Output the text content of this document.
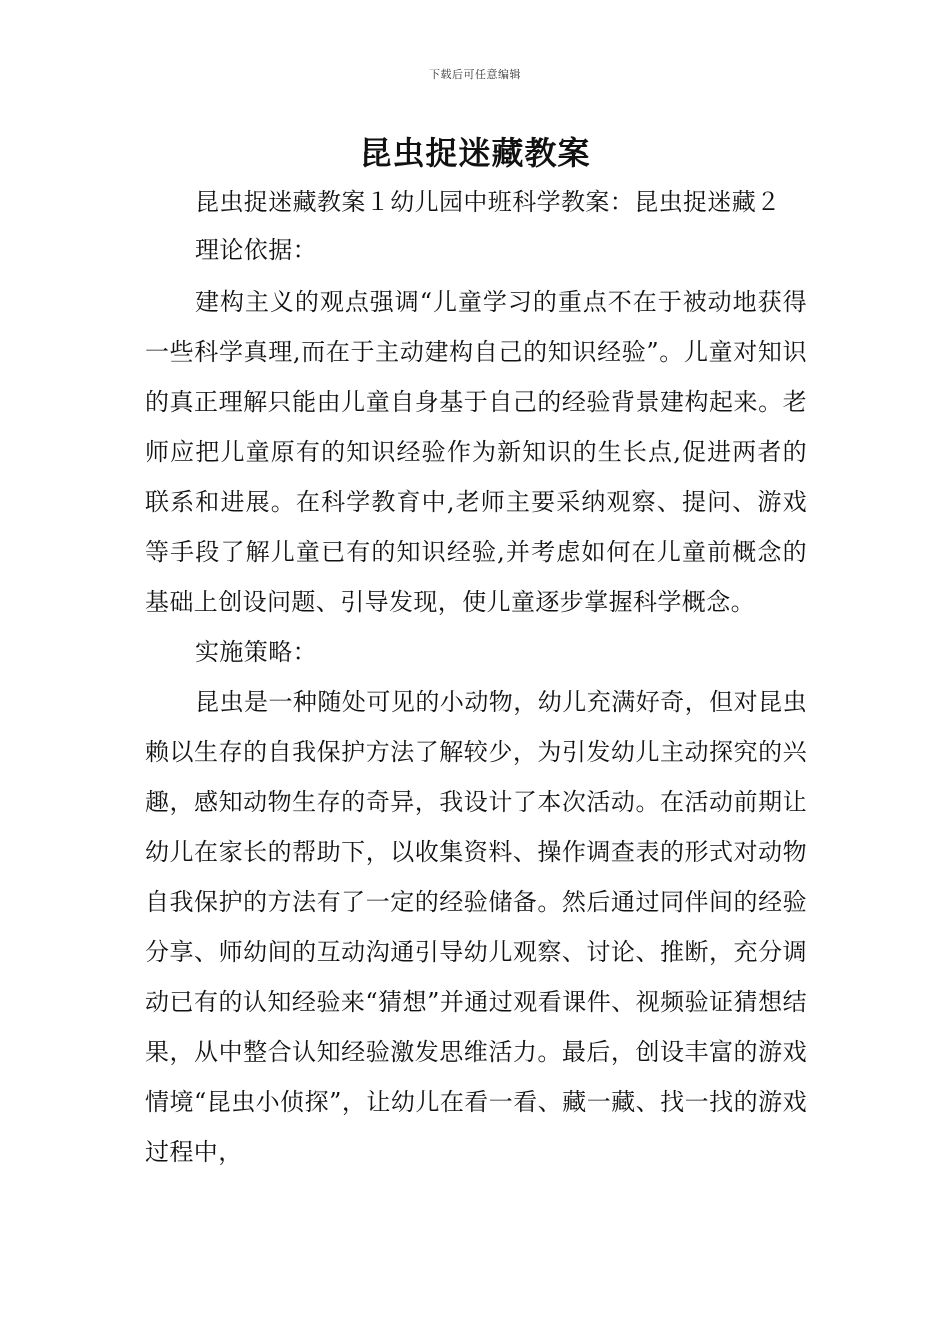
下载后可任意编辑
昆虫捉迷藏教案

昆虫捉迷藏教案１幼儿园中班科学教案：昆虫捉迷藏２

理论依据：

建构主义的观点强调“儿童学习的重点不在于被动地获得一些科学真理,而在于主动建构自己的知识经验”。儿童对知识的真正理解只能由儿童自身基于自己的经验背景建构起来。老师应把儿童原有的知识经验作为新知识的生长点,促进两者的联系和进展。在科学教育中,老师主要采纳观察、提问、游戏等手段了解儿童已有的知识经验,并考虑如何在儿童前概念的基础上创设问题、引导发现，使儿童逐步掌握科学概念。

实施策略：

昆虫是一种随处可见的小动物，幼儿充满好奇，但对昆虫赖以生存的自我保护方法了解较少，为引发幼儿主动探究的兴趣，感知动物生存的奇异，我设计了本次活动。在活动前期让幼儿在家长的帮助下，以收集资料、操作调查表的形式对动物自我保护的方法有了一定的经验储备。然后通过同伴间的经验分享、师幼间的互动沟通引导幼儿观察、讨论、推断，充分调动已有的认知经验来“猜想”并通过观看课件、视频验证猜想结果，从中整合认知经验激发思维活力。最后，创设丰富的游戏情境“昆虫小侦探”，让幼儿在看一看、藏一藏、找一找的游戏过程中，
